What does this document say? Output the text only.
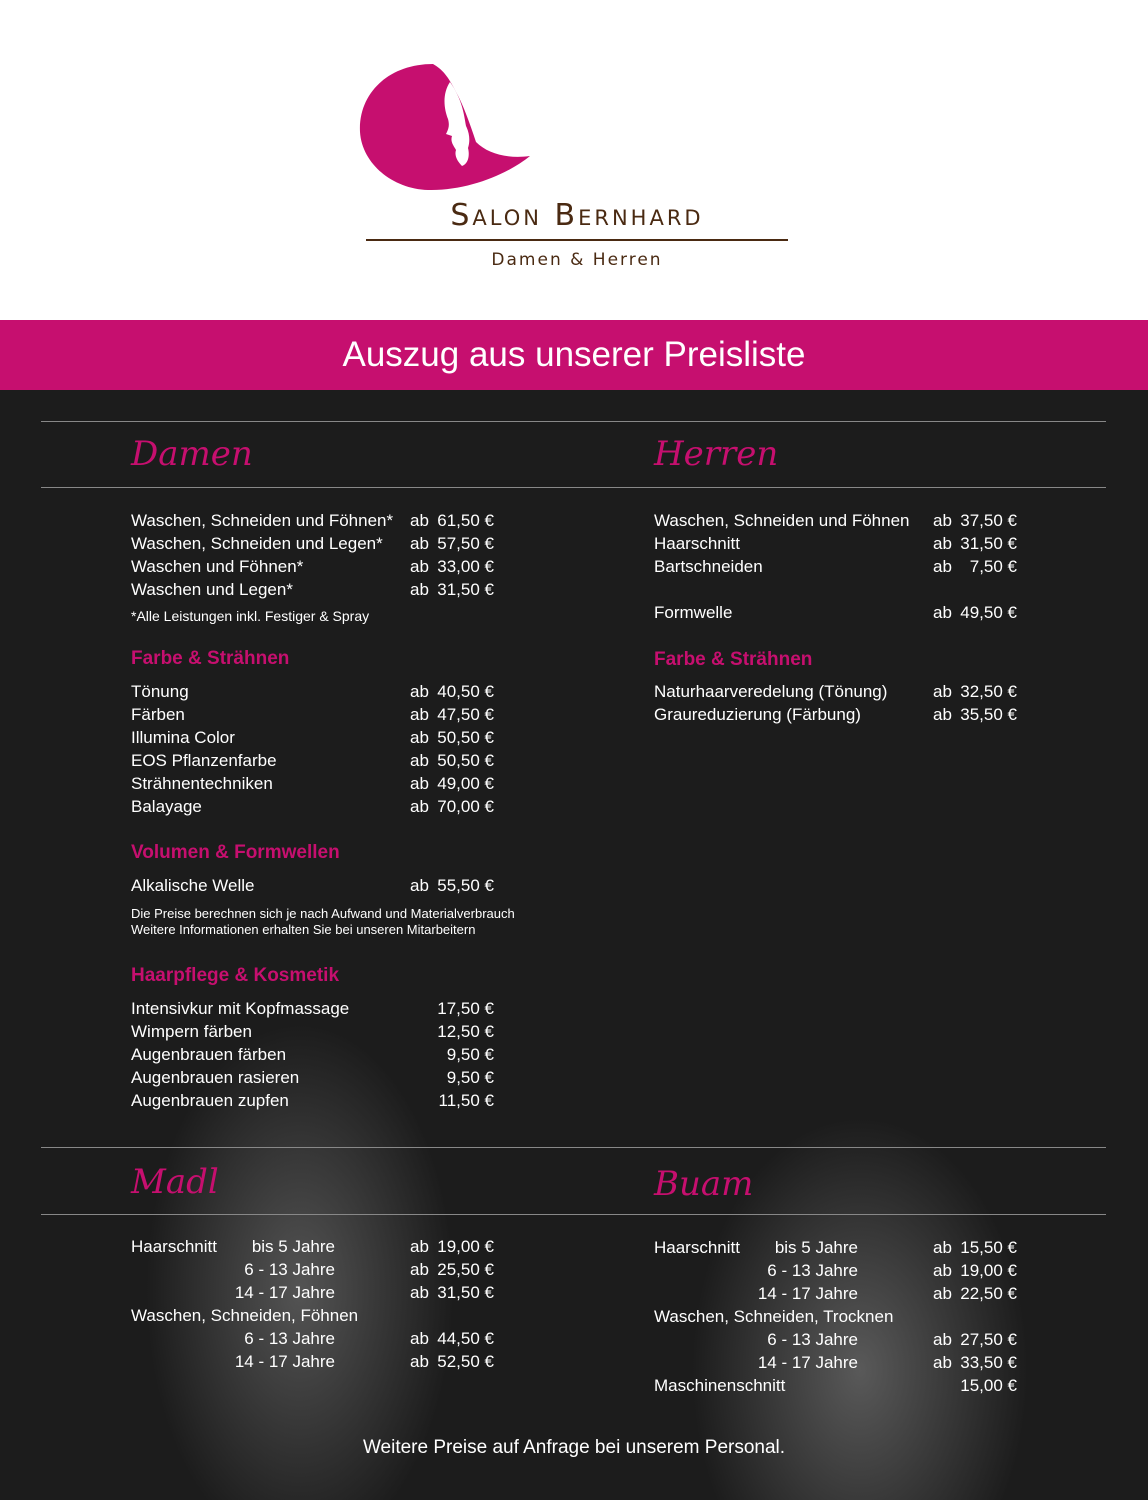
Salon Bernhard
Damen & Herren
Auszug aus unserer Preisliste
Damen	Herren
Madl	Buam
Waschen, Schneiden und Föhnen* ab 61,50 €
Waschen, Schneiden und Legen* ab 57,50 €
Waschen und Föhnen*	ab 33,00 €
Waschen und Legen*	ab 31,50 €
*Alle Leistungen inkl. Festiger & Spray
Farbe & Strähnen
Tönung	ab 40,50 €
Färben	ab 47,50 €
Illumina Color	ab 50,50 €
EOS Pflanzenfarbe	ab 50,50 €
Strähnentechniken	ab 49,00 €
Balayage	ab 70,00 €
Volumen & Formwellen
Alkalische Welle	ab 55,50 €
Die Preise berechnen sich je nach Aufwand und Materialverbrauch
Weitere Informationen erhalten Sie bei unseren Mitarbeitern
Haarpflege & Kosmetik
Intensivkur mit Kopfmassage	17,50 €
Wimpern färben	12,50 €
Augenbrauen färben	9,50 €
Augenbrauen rasieren	9,50 €
Augenbrauen zupfen	11,50 €
Waschen, Schneiden und Föhnen ab 37,50 €
Haarschnitt	ab 31,50 €
Bartschneiden	ab	7,50 €
Formwelle	ab 49,50 €
Farbe & Strähnen
Naturhaarveredelung (Tönung)	ab 32,50 €
Graureduzierung (Färbung)	ab 35,50 €
Haarschnitt	bis 5 Jahre	ab 19,00 €
6 - 13 Jahre	ab 25,50 €
14 - 17 Jahre	ab 31,50 €
Waschen, Schneiden, Föhnen
6 - 13 Jahre	ab 44,50 €
14 - 17 Jahre	ab 52,50 €
Haarschnitt	bis 5 Jahre	ab 15,50 €
6 - 13 Jahre	ab 19,00 €
14 - 17 Jahre	ab 22,50 €
Waschen, Schneiden, Trocknen
6 - 13 Jahre	ab 27,50 €
14 - 17 Jahre	ab 33,50 €
Maschinenschnitt	15,00 €
Weitere Preise auf Anfrage bei unserem Personal.
